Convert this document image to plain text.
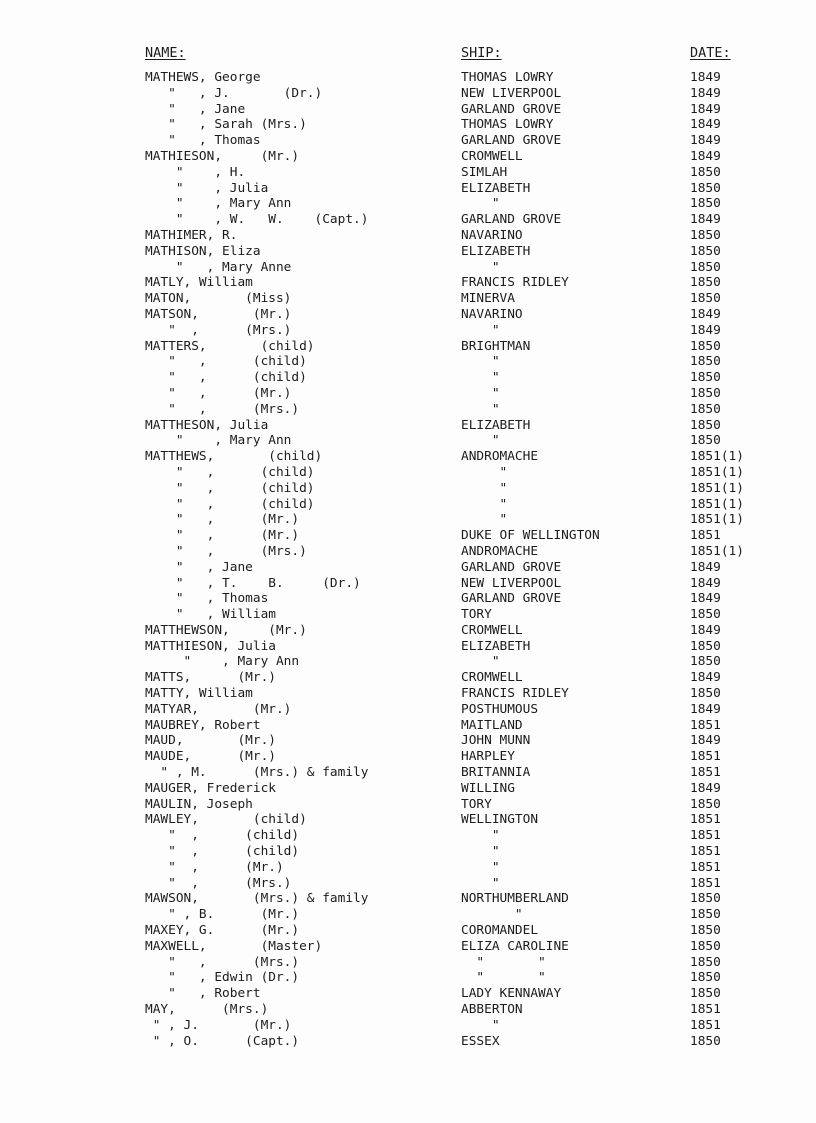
NAME:	SHIP:	DATE:
MATHEWS, George	THOMAS LOWRY	1849
"   , J.       (Dr.)	NEW LIVERPOOL	1849
"   , Jane	GARLAND GROVE	1849
"   , Sarah (Mrs.)	THOMAS LOWRY	1849
"   , Thomas	GARLAND GROVE	1849
MATHIESON,     (Mr.)	CROMWELL	1849
"    , H.	SIMLAH	1850
"    , Julia	ELIZABETH	1850
"    , Mary Ann	"	1850
"    , W.   W.    (Capt.)	GARLAND GROVE	1849
MATHIMER, R.	NAVARINO	1850
MATHISON, Eliza	ELIZABETH	1850
"   , Mary Anne	"	1850
MATLY, William	FRANCIS RIDLEY	1850
MATON,       (Miss)	MINERVA	1850
MATSON,       (Mr.)	NAVARINO	1849
"  ,      (Mrs.)	"	1849
MATTERS,       (child)	BRIGHTMAN	1850
"   ,      (child)	"	1850
"   ,      (child)	"	1850
"   ,      (Mr.)	"	1850
"   ,      (Mrs.)	"	1850
MATTHESON, Julia	ELIZABETH	1850
"    , Mary Ann	"	1850
MATTHEWS,       (child)	ANDROMACHE	1851(1)
"   ,      (child)	"	1851(1)
"   ,      (child)	"	1851(1)
"   ,      (child)	"	1851(1)
"   ,      (Mr.)	"	1851(1)
"   ,      (Mr.)	DUKE OF WELLINGTON	1851
"   ,      (Mrs.)	ANDROMACHE	1851(1)
"   , Jane	GARLAND GROVE	1849
"   , T.    B.     (Dr.)	NEW LIVERPOOL	1849
"   , Thomas	GARLAND GROVE	1849
"   , William	TORY	1850
MATTHEWSON,     (Mr.)	CROMWELL	1849
MATTHIESON, Julia	ELIZABETH	1850
"    , Mary Ann	"	1850
MATTS,      (Mr.)	CROMWELL	1849
MATTY, William	FRANCIS RIDLEY	1850
MATYAR,       (Mr.)	POSTHUMOUS	1849
MAUBREY, Robert	MAITLAND	1851
MAUD,       (Mr.)	JOHN MUNN	1849
MAUDE,      (Mr.)	HARPLEY	1851
" , M.      (Mrs.) & family	BRITANNIA	1851
MAUGER, Frederick	WILLING	1849
MAULIN, Joseph	TORY	1850
MAWLEY,       (child)	WELLINGTON	1851
"  ,      (child)	"	1851
"  ,      (child)	"	1851
"  ,      (Mr.)	"	1851
"  ,      (Mrs.)	"	1851
MAWSON,       (Mrs.) & family	NORTHUMBERLAND	1850
" , B.      (Mr.)	"	1850
MAXEY, G.      (Mr.)	COROMANDEL	1850
MAXWELL,       (Master)	ELIZA CAROLINE	1850
"   ,      (Mrs.)	"       "	1850
"   , Edwin (Dr.)	"       "	1850
"   , Robert	LADY KENNAWAY	1850
MAY,      (Mrs.)	ABBERTON	1851
" , J.       (Mr.)	"	1851
" , O.      (Capt.)	ESSEX	1850
